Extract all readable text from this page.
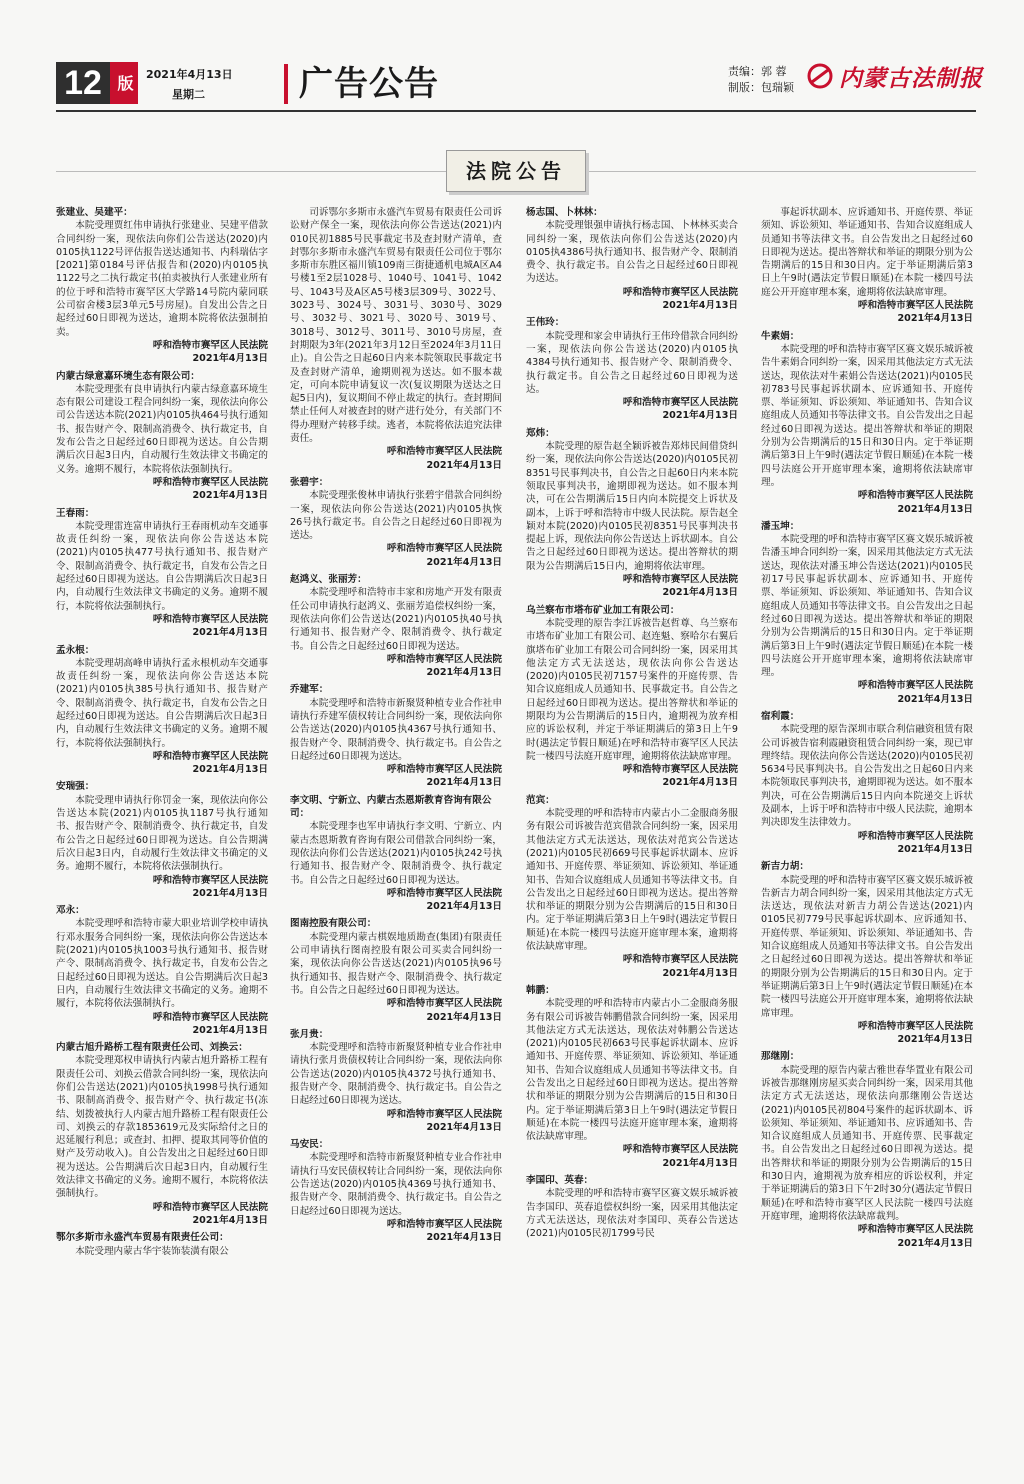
12 版
2021年4月13日
星期二	广告公告	责编：郭 蓉
制版：包瑞颖 内蒙古法制报
法院公告
张建业、吴建平：
本院受理贾红伟申请执行张建业、吴建平借款合同纠纷一案，现依法向你们公告送达(2020)内0105执1122号评估报告送达通知书、内科瑞估字[2021]第0184号评估报告和(2020)内0105执1122号之二执行裁定书(拍卖被执行人张建业所有的位于呼和浩特市赛罕区大学路14号院内蒙同联公司宿舍楼3层3单元5号房屋)。自发出公告之日起经过60日即视为送达，逾期本院将依法强制拍卖。
呼和浩特市赛罕区人民法院
2021年4月13日
内蒙古绿意嘉环境生态有限公司：
本院受理张有良申请执行内蒙古绿意嘉环境生态有限公司建设工程合同纠纷一案，现依法向你公司公告送达本院(2021)内0105执464号执行通知书、报告财产令、限制高消费令、执行裁定书，自发布公告之日起经过60日即视为送达。自公告期满后次日起3日内，自动履行生效法律文书确定的义务。逾期不履行，本院将依法强制执行。
呼和浩特市赛罕区人民法院
2021年4月13日
王春雨：
本院受理雷连富申请执行王春雨机动车交通事故责任纠纷一案，现依法向你公告送达本院(2021)内0105执477号执行通知书、报告财产令、限制高消费令、执行裁定书，自发布公告之日起经过60日即视为送达。自公告期满后次日起3日内，自动履行生效法律文书确定的义务。逾期不履行，本院将依法强制执行。
呼和浩特市赛罕区人民法院
2021年4月13日
孟永根：
本院受理胡高峰申请执行孟永根机动车交通事故责任纠纷一案，现依法向你公告送达本院(2021)内0105执385号执行通知书、报告财产令、限制高消费令、执行裁定书，自发布公告之日起经过60日即视为送达。自公告期满后次日起3日内，自动履行生效法律文书确定的义务。逾期不履行，本院将依法强制执行。
呼和浩特市赛罕区人民法院
2021年4月13日
安瑞强：
本院受理申请执行你罚金一案，现依法向你公告送达本院(2021)内0105执1187号执行通知书、报告财产令、限制消费令、执行裁定书，自发布公告之日起经过60日即视为送达。自公告期满后次日起3日内，自动履行生效法律文书确定的义务。逾期不履行，本院将依法强制执行。
呼和浩特市赛罕区人民法院
2021年4月13日
邓永：
本院受理呼和浩特市蒙大职业培训学校申请执行邓永服务合同纠纷一案，现依法向你公告送达本院(2021)内0105执1003号执行通知书、报告财产令、限制高消费令、执行裁定书，自发布公告之日起经过60日即视为送达。自公告期满后次日起3日内，自动履行生效法律文书确定的义务。逾期不履行，本院将依法强制执行。
呼和浩特市赛罕区人民法院
2021年4月13日
内蒙古旭升路桥工程有限责任公司、刘换云：
本院受理郑权申请执行内蒙古旭升路桥工程有限责任公司、刘换云借款合同纠纷一案，现依法向你们公告送达(2021)内0105执1998号执行通知书、限制高消费令、报告财产令、执行裁定书(冻结、划拨被执行人内蒙古旭升路桥工程有限责任公司、刘换云的存款1853619元及实际给付之日的迟延履行利息；或查封、扣押、提取其同等价值的财产及劳动收入)。自公告发出之日起经过60日即视为送达。公告期满后次日起3日内，自动履行生效法律文书确定的义务。逾期不履行，本院将依法强制执行。
呼和浩特市赛罕区人民法院
2021年4月13日
鄂尔多斯市永盛汽车贸易有限责任公司：
本院受理内蒙古华宇装饰装潢有限公
司诉鄂尔多斯市永盛汽车贸易有限责任公司诉讼财产保全一案，现依法向你公告送达(2021)内010民初1885号民事裁定书及查封财产清单，查封鄂尔多斯市永盛汽车贸易有限责任公司位于鄂尔多斯市东胜区福川镇109南三街捷通机电城A区A4号楼1至2层1028号、1040号、1041号、1042号、1043号及A区A5号楼3层309号、3022号、3023号、3024号、3031号、3030号、3029号、3032号、3021号、3020号、3019号、3018号、3012号、3011号、3010号房屋，查封期限为3年(2021年3月12日至2024年3月11日止)。自公告之日起60日内来本院领取民事裁定书及查封财产清单，逾期则视为送达。如不服本裁定，可向本院申请复议一次(复议期限为送达之日起5日内)，复议期间不停止裁定的执行。查封期间禁止任何人对被查封的财产进行处分，有关部门不得办理财产转移手续。逃者，本院将依法追究法律责任。
呼和浩特市赛罕区人民法院
2021年4月13日
张碧宇：
本院受理张俊林申请执行张碧宇借款合同纠纷一案，现依法向你公告送达(2021)内0105执恢26号执行裁定书。自公告之日起经过60日即视为送达。
呼和浩特市赛罕区人民法院
2021年4月13日
赵鸿义、张丽芳：
本院受理呼和浩特市丰家和房地产开发有限责任公司申请执行赵鸿义、张丽芳追偿权纠纷一案，现依法向你们公告送达(2021)内0105执40号执行通知书、报告财产令、限制消费令、执行裁定书。自公告之日起经过60日即视为送达。
呼和浩特市赛罕区人民法院
2021年4月13日
乔建军：
本院受理呼和浩特市新聚贤种植专业合作社申请执行乔建军债权转让合同纠纷一案，现依法向你公告送达(2020)内0105执4367号执行通知书、报告财产令、限制消费令、执行裁定书。自公告之日起经过60日即视为送达。
呼和浩特市赛罕区人民法院
2021年4月13日
李文明、宁新立、内蒙古杰恩斯教育咨询有限公司：
本院受理李也军申请执行李文明、宁新立、内蒙古杰恩斯教育咨询有限公司借款合同纠纷一案，现依法向你们公告送达(2021)内0105执242号执行通知书、报告财产令、限制消费令、执行裁定书。自公告之日起经过60日即视为送达。
呼和浩特市赛罕区人民法院
2021年4月13日
图南控股有限公司：
本院受理内蒙古棋娱地质勘查(集团)有限责任公司申请执行图南控股有限公司买卖合同纠纷一案，现依法向你公告送达(2021)内0105执96号执行通知书、报告财产令、限制消费令、执行裁定书。自公告之日起经过60日即视为送达。
呼和浩特市赛罕区人民法院
2021年4月13日
张月贵：
本院受理呼和浩特市新聚贤种植专业合作社申请执行张月贵债权转让合同纠纷一案，现依法向你公告送达(2020)内0105执4372号执行通知书、报告财产令、限制消费令、执行裁定书。自公告之日起经过60日即视为送达。
呼和浩特市赛罕区人民法院
2021年4月13日
马安民：
本院受理呼和浩特市新聚贤种植专业合作社申请执行马安民债权转让合同纠纷一案，现依法向你公告送达(2020)内0105执4369号执行通知书、报告财产令、限制消费令、执行裁定书。自公告之日起经过60日即视为送达。
呼和浩特市赛罕区人民法院
2021年4月13日
杨志国、卜林林：
本院受理银强申请执行杨志国、卜林林买卖合同纠纷一案，现依法向你们公告送达(2020)内0105执4386号执行通知书、报告财产令、限制消费令、执行裁定书。自公告之日起经过60日即视为送达。
呼和浩特市赛罕区人民法院
2021年4月13日
王伟玲：
本院受理和家会申请执行王伟玲借款合同纠纷一案，现依法向你公告送达(2020)内0105执4384号执行通知书、报告财产令、限制消费令、执行裁定书。自公告之日起经过60日即视为送达。
呼和浩特市赛罕区人民法院
2021年4月13日
郑炜：
本院受理的原告赵全颖诉被告郑炜民间借贷纠纷一案，现依法向你公告送达(2020)内0105民初8351号民事判决书，自公告之日起60日内来本院领取民事判决书，逾期即视为送达。如不服本判决，可在公告期满后15日内向本院提交上诉状及副本，上诉于呼和浩特市中级人民法院。原告赵全颖对本院(2020)内0105民初8351号民事判决书提起上诉，现依法向你公告送达上诉状副本。自公告之日起经过60日即视为送达。提出答辩状的期限为公告期满后15日内，逾期将依法审理。
呼和浩特市赛罕区人民法院
2021年4月13日
乌兰察布市塔布矿业加工有限公司：
本院受理的原告李江诉被告赵哲尊、乌兰察布市塔布矿业加工有限公司、赵连魁、察哈尔右翼后旗塔布矿业加工有限公司合同纠纷一案，因采用其他法定方式无法送达，现依法向你公告送达(2020)内0105民初7157号案件的开庭传票、告知合议庭组成人员通知书、民事裁定书。自公告之日起经过60日即视为送达。提出答辩状和举证的期限均为公告期满后的15日内，逾期视为放弃相应的诉讼权利，并定于举证期满后的第3日上午9时(遇法定节假日顺延)在呼和浩特市赛罕区人民法院一楼四号法庭开庭审理，逾期将依法缺席审理。
呼和浩特市赛罕区人民法院
2021年4月13日
范宾：
本院受理的呼和浩特市内蒙古小二金服商务服务有限公司诉被告范宾借款合同纠纷一案，因采用其他法定方式无法送达，现依法对范宾公告送达(2021)内0105民初669号民事起诉状副本、应诉通知书、开庭传票、举证须知、诉讼须知、举证通知书、告知合议庭组成人员通知书等法律文书。自公告发出之日起经过60日即视为送达。提出答辩状和举证的期限分别为公告期满后的15日和30日内。定于举证期满后第3日上午9时(遇法定节假日顺延)在本院一楼四号法庭开庭审理本案，逾期将依法缺席审理。
呼和浩特市赛罕区人民法院
2021年4月13日
韩鹏：
本院受理的呼和浩特市内蒙古小二金服商务服务有限公司诉被告韩鹏借款合同纠纷一案，因采用其他法定方式无法送达，现依法对韩鹏公告送达(2021)内0105民初663号民事起诉状副本、应诉通知书、开庭传票、举证须知、诉讼须知、举证通知书、告知合议庭组成人员通知书等法律文书。自公告发出之日起经过60日即视为送达。提出答辩状和举证的期限分别为公告期满后的15日和30日内。定于举证期满后第3日上午9时(遇法定节假日顺延)在本院一楼四号法庭开庭审理本案，逾期将依法缺席审理。
呼和浩特市赛罕区人民法院
2021年4月13日
李国印、英春：
本院受理的呼和浩特市赛罕区赛文娱乐城诉被告李国印、英春追偿权纠纷一案，因采用其他法定方式无法送达，现依法对李国印、英春公告送达(2021)内0105民初1799号民
事起诉状副本、应诉通知书、开庭传票、举证须知、诉讼须知、举证通知书、告知合议庭组成人员通知书等法律文书。自公告发出之日起经过60日即视为送达。提出答辩状和举证的期限分别为公告期满后的15日和30日内。定于举证期满后第3日上午9时(遇法定节假日顺延)在本院一楼四号法庭公开开庭审理本案，逾期将依法缺席审理。
呼和浩特市赛罕区人民法院
2021年4月13日
牛素娟：
本院受理的呼和浩特市赛罕区赛文娱乐城诉被告牛素娟合同纠纷一案，因采用其他法定方式无法送达，现依法对牛素娟公告送达(2021)内0105民初783号民事起诉状副本、应诉通知书、开庭传票、举证须知、诉讼须知、举证通知书、告知合议庭组成人员通知书等法律文书。自公告发出之日起经过60日即视为送达。提出答辩状和举证的期限分别为公告期满后的15日和30日内。定于举证期满后第3日上午9时(遇法定节假日顺延)在本院一楼四号法庭公开开庭审理本案，逾期将依法缺席审理。
呼和浩特市赛罕区人民法院
2021年4月13日
潘玉坤：
本院受理的呼和浩特市赛罕区赛文娱乐城诉被告潘玉坤合同纠纷一案，因采用其他法定方式无法送达，现依法对潘玉坤公告送达(2021)内0105民初17号民事起诉状副本、应诉通知书、开庭传票、举证须知、诉讼须知、举证通知书、告知合议庭组成人员通知书等法律文书。自公告发出之日起经过60日即视为送达。提出答辩状和举证的期限分别为公告期满后的15日和30日内。定于举证期满后第3日上午9时(遇法定节假日顺延)在本院一楼四号法庭公开开庭审理本案，逾期将依法缺席审理。
呼和浩特市赛罕区人民法院
2021年4月13日
宿利霞：
本院受理的原告深圳市联合利信融资租赁有限公司诉被告宿利霞融资租赁合同纠纷一案，现已审理终结。现依法向你公告送达(2020)内0105民初5634号民事判决书。自公告发出之日起60日内来本院领取民事判决书，逾期即视为送达。如不服本判决，可在公告期满后15日内向本院递交上诉状及副本，上诉于呼和浩特市中级人民法院，逾期本判决即发生法律效力。
呼和浩特市赛罕区人民法院
2021年4月13日
新吉力胡：
本院受理的呼和浩特市赛罕区赛文娱乐城诉被告新吉力胡合同纠纷一案，因采用其他法定方式无法送达，现依法对新吉力胡公告送达(2021)内0105民初779号民事起诉状副本、应诉通知书、开庭传票、举证须知、诉讼须知、举证通知书、告知合议庭组成人员通知书等法律文书。自公告发出之日起经过60日即视为送达。提出答辩状和举证的期限分别为公告期满后的15日和30日内。定于举证期满后第3日上午9时(遇法定节假日顺延)在本院一楼四号法庭公开开庭审理本案，逾期将依法缺席审理。
呼和浩特市赛罕区人民法院
2021年4月13日
那继刚：
本院受理的原告内蒙古雅世春华置业有限公司诉被告那继刚房屋买卖合同纠纷一案，因采用其他法定方式无法送达，现依法向那继刚公告送达(2021)内0105民初804号案件的起诉状副本、诉讼须知、举证须知、举证通知书、应诉通知书、告知合议庭组成人员通知书、开庭传票、民事裁定书。自公告发出之日起经过60日即视为送达。提出答辩状和举证的期限分别为公告期满后的15日和30日内，逾期视为放弃相应的诉讼权利，并定于举证期满后的第3日下午2时30分(遇法定节假日顺延)在呼和浩特市赛罕区人民法院一楼四号法庭开庭审理，逾期将依法缺席裁判。
呼和浩特市赛罕区人民法院
2021年4月13日
